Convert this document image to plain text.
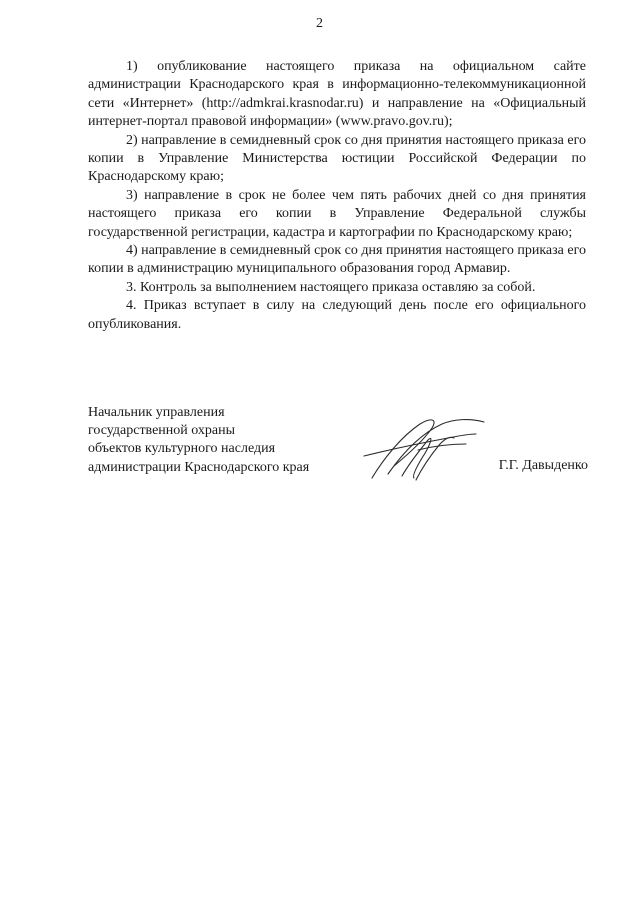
2

1) опубликование настоящего приказа на официальном сайте администрации Краснодарского края в информационно-телекоммуникационной сети «Интернет» (http://admkrai.krasnodar.ru) и направление на «Официальный интернет-портал правовой информации» (www.pravo.gov.ru);

2) направление в семидневный срок со дня принятия настоящего приказа его копии в Управление Министерства юстиции Российской Федерации по Краснодарскому краю;

3) направление в срок не более чем пять рабочих дней со дня принятия настоящего приказа его копии в Управление Федеральной службы государственной регистрации, кадастра и картографии по Краснодарскому краю;

4) направление в семидневный срок со дня принятия настоящего приказа его копии в администрацию муниципального образования город Армавир.

3. Контроль за выполнением настоящего приказа оставляю за собой.

4. Приказ вступает в силу на следующий день после его официального опубликования.

Начальник управления
государственной охраны
объектов культурного наследия
администрации Краснодарского края	Г.Г. Давыденко
